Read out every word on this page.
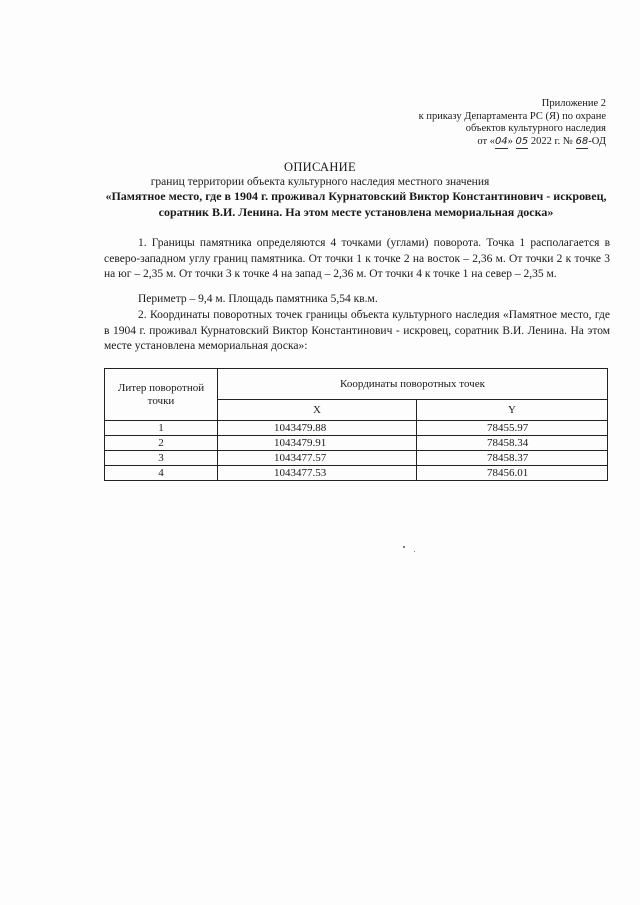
Приложение 2
к приказу Департамента РС (Я) по охране
объектов культурного наследия
от «04» 05 2022 г. № 68-ОД
ОПИСАНИЕ
границ территории объекта культурного наследия местного значения
«Памятное место, где в 1904 г. проживал Курнатовский Виктор Константинович - искровец, соратник В.И. Ленина. На этом месте установлена мемориальная доска»
1. Границы памятника определяются 4 точками (углами) поворота. Точка 1 располагается в северо-западном углу границ памятника. От точки 1 к точке 2 на восток – 2,36 м. От точки 2 к точке 3 на юг – 2,35 м. От точки 3 к точке 4 на запад – 2,36 м. От точки 4 к точке 1 на север – 2,35 м.
Периметр – 9,4 м. Площадь памятника 5,54 кв.м.
2. Координаты поворотных точек границы объекта культурного наследия «Памятное место, где в 1904 г. проживал Курнатовский Виктор Константинович - искровец, соратник В.И. Ленина. На этом месте установлена мемориальная доска»:
Литер поворотной точки	Координаты поворотных точек	
	X	Y
1	1043479.88	78455.97
2	1043479.91	78458.34
3	1043477.57	78458.37
4	1043477.53	78456.01
